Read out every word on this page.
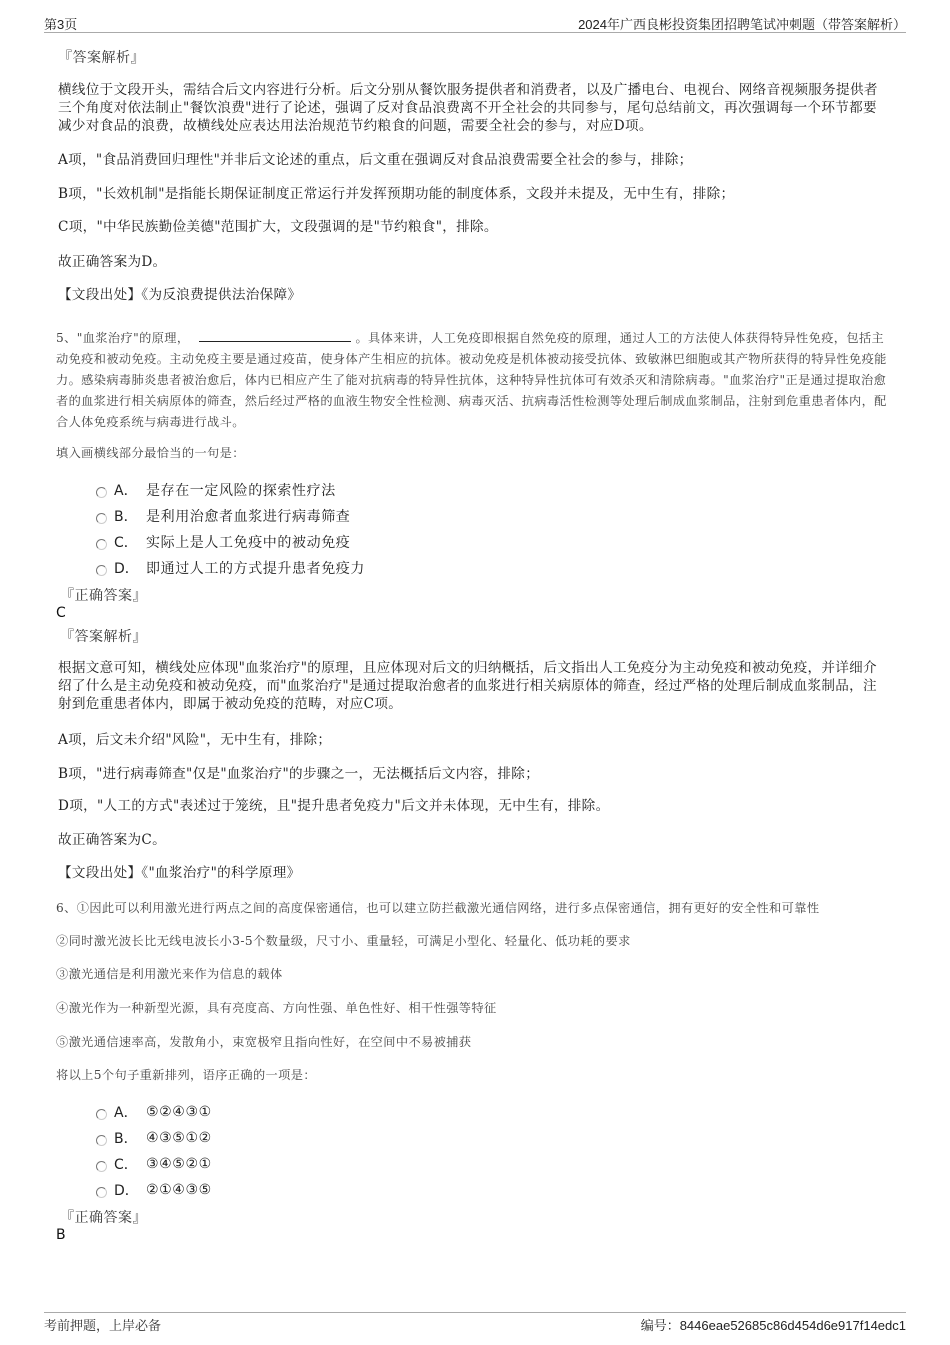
第3页	2024年广西良彬投资集团招聘笔试冲刺题（带答案解析）
『答案解析』
横线位于文段开头，需结合后文内容进行分析。后文分别从餐饮服务提供者和消费者，以及广播电台、电视台、网络音视频服务提供者三个角度对依法制止"餐饮浪费"进行了论述，强调了反对食品浪费离不开全社会的共同参与，尾句总结前文，再次强调每一个环节都要减少对食品的浪费，故横线处应表达用法治规范节约粮食的问题，需要全社会的参与，对应D项。
A项，"食品消费回归理性"并非后文论述的重点，后文重在强调反对食品浪费需要全社会的参与，排除；
B项，"长效机制"是指能长期保证制度正常运行并发挥预期功能的制度体系，文段并未提及，无中生有，排除；
C项，"中华民族勤俭美德"范围扩大，文段强调的是"节约粮食"，排除。
故正确答案为D。
【文段出处】《为反浪费提供法治保障》
5、"血浆治疗"的原理，	。具体来讲，人工免疫即根据自然免疫的原理，通过人工的方法使人体获得特异性免疫，包括主动免疫和被动免疫。主动免疫主要是通过疫苗，使身体产生相应的抗体。被动免疫是机体被动接受抗体、致敏淋巴细胞或其产物所获得的特异性免疫能力。感染病毒肺炎患者被治愈后，体内已相应产生了能对抗病毒的特异性抗体，这种特异性抗体可有效杀灭和清除病毒。"血浆治疗"正是通过提取治愈者的血浆进行相关病原体的筛查，然后经过严格的血液生物安全性检测、病毒灭活、抗病毒活性检测等处理后制成血浆制品，注射到危重患者体内，配合人体免疫系统与病毒进行战斗。
填入画横线部分最恰当的一句是：
A． 是存在一定风险的探索性疗法
B． 是利用治愈者血浆进行病毒筛查
C． 实际上是人工免疫中的被动免疫
D． 即通过人工的方式提升患者免疫力
『正确答案』
C
『答案解析』
根据文意可知，横线处应体现"血浆治疗"的原理，且应体现对后文的归纳概括，后文指出人工免疫分为主动免疫和被动免疫，并详细介绍了什么是主动免疫和被动免疫，而"血浆治疗"是通过提取治愈者的血浆进行相关病原体的筛查，经过严格的处理后制成血浆制品，注射到危重患者体内，即属于被动免疫的范畴，对应C项。
A项，后文未介绍"风险"，无中生有，排除；
B项，"进行病毒筛查"仅是"血浆治疗"的步骤之一，无法概括后文内容，排除；
D项，"人工的方式"表述过于笼统，且"提升患者免疫力"后文并未体现，无中生有，排除。
故正确答案为C。
【文段出处】《"血浆治疗"的科学原理》
6、①因此可以利用激光进行两点之间的高度保密通信，也可以建立防拦截激光通信网络，进行多点保密通信，拥有更好的安全性和可靠性
②同时激光波长比无线电波长小3-5个数量级，尺寸小、重量轻，可满足小型化、轻量化、低功耗的要求
③激光通信是利用激光来作为信息的载体
④激光作为一种新型光源，具有亮度高、方向性强、单色性好、相干性强等特征
⑤激光通信速率高，发散角小，束宽极窄且指向性好，在空间中不易被捕获
将以上5个句子重新排列，语序正确的一项是：
A． ⑤②④③①
B． ④③⑤①②
C． ③④⑤②①
D． ②①④③⑤
『正确答案』
B
考前押题，上岸必备	编号：8446eae52685c86d454d6e917f14edc1
